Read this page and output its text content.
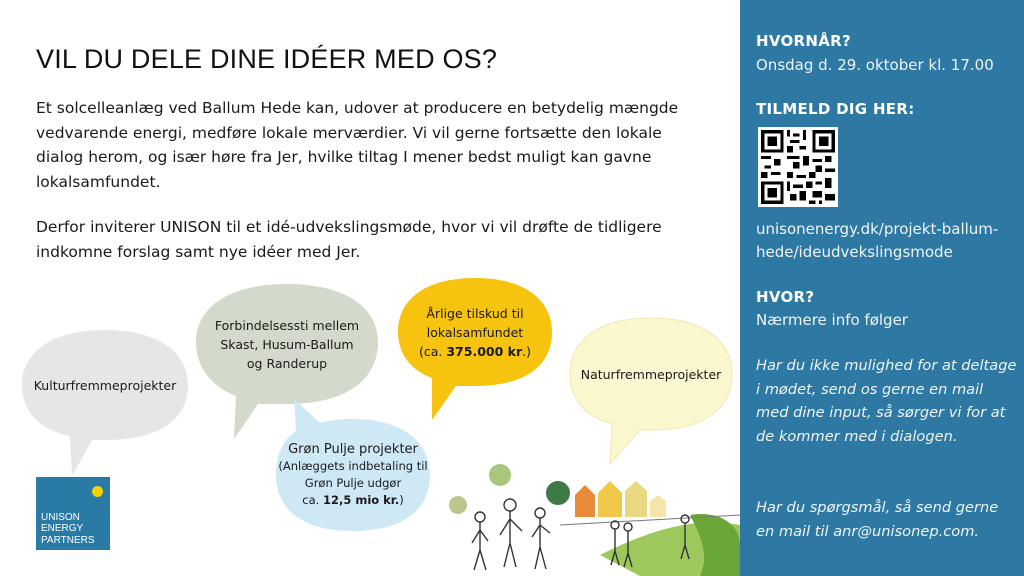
VIL DU DELE DINE IDÉER MED OS?
Et solcelleanlæg ved Ballum Hede kan, udover at producere en betydelig mængde vedvarende energi, medføre lokale merværdier. Vi vil gerne fortsætte den lokale dialog herom, og især høre fra Jer, hvilke tiltag I mener bedst muligt kan gavne lokalsamfundet.
Derfor inviterer UNISON til et idé-udvekslingsmøde, hvor vi vil drøfte de tidligere indkomne forslag samt nye idéer med Jer.
Kulturfremmeprojekter
Forbindelsessti mellem Skast, Husum-Ballum og Randerup
Årlige tilskud til
lokalsamfundet
(ca. 375.000 kr.)
Grøn Pulje projekter
(Anlæggets indbetaling til
Grøn Pulje udgør
ca. 12,5 mio kr.)
Naturfremmeprojekter
UNISON
ENERGY
PARTNERS
HVORNÅR?
Onsdag d. 29. oktober kl. 17.00
TILMELD DIG HER:
unisonenergy.dk/projekt-ballum-hede/ideudvekslingsmode
HVOR?
Nærmere info følger
Har du ikke mulighed for at deltage i mødet, send os gerne en mail med dine input, så sørger vi for at de kommer med i dialogen.
Har du spørgsmål, så send gerne en mail til anr@unisonep.com.
